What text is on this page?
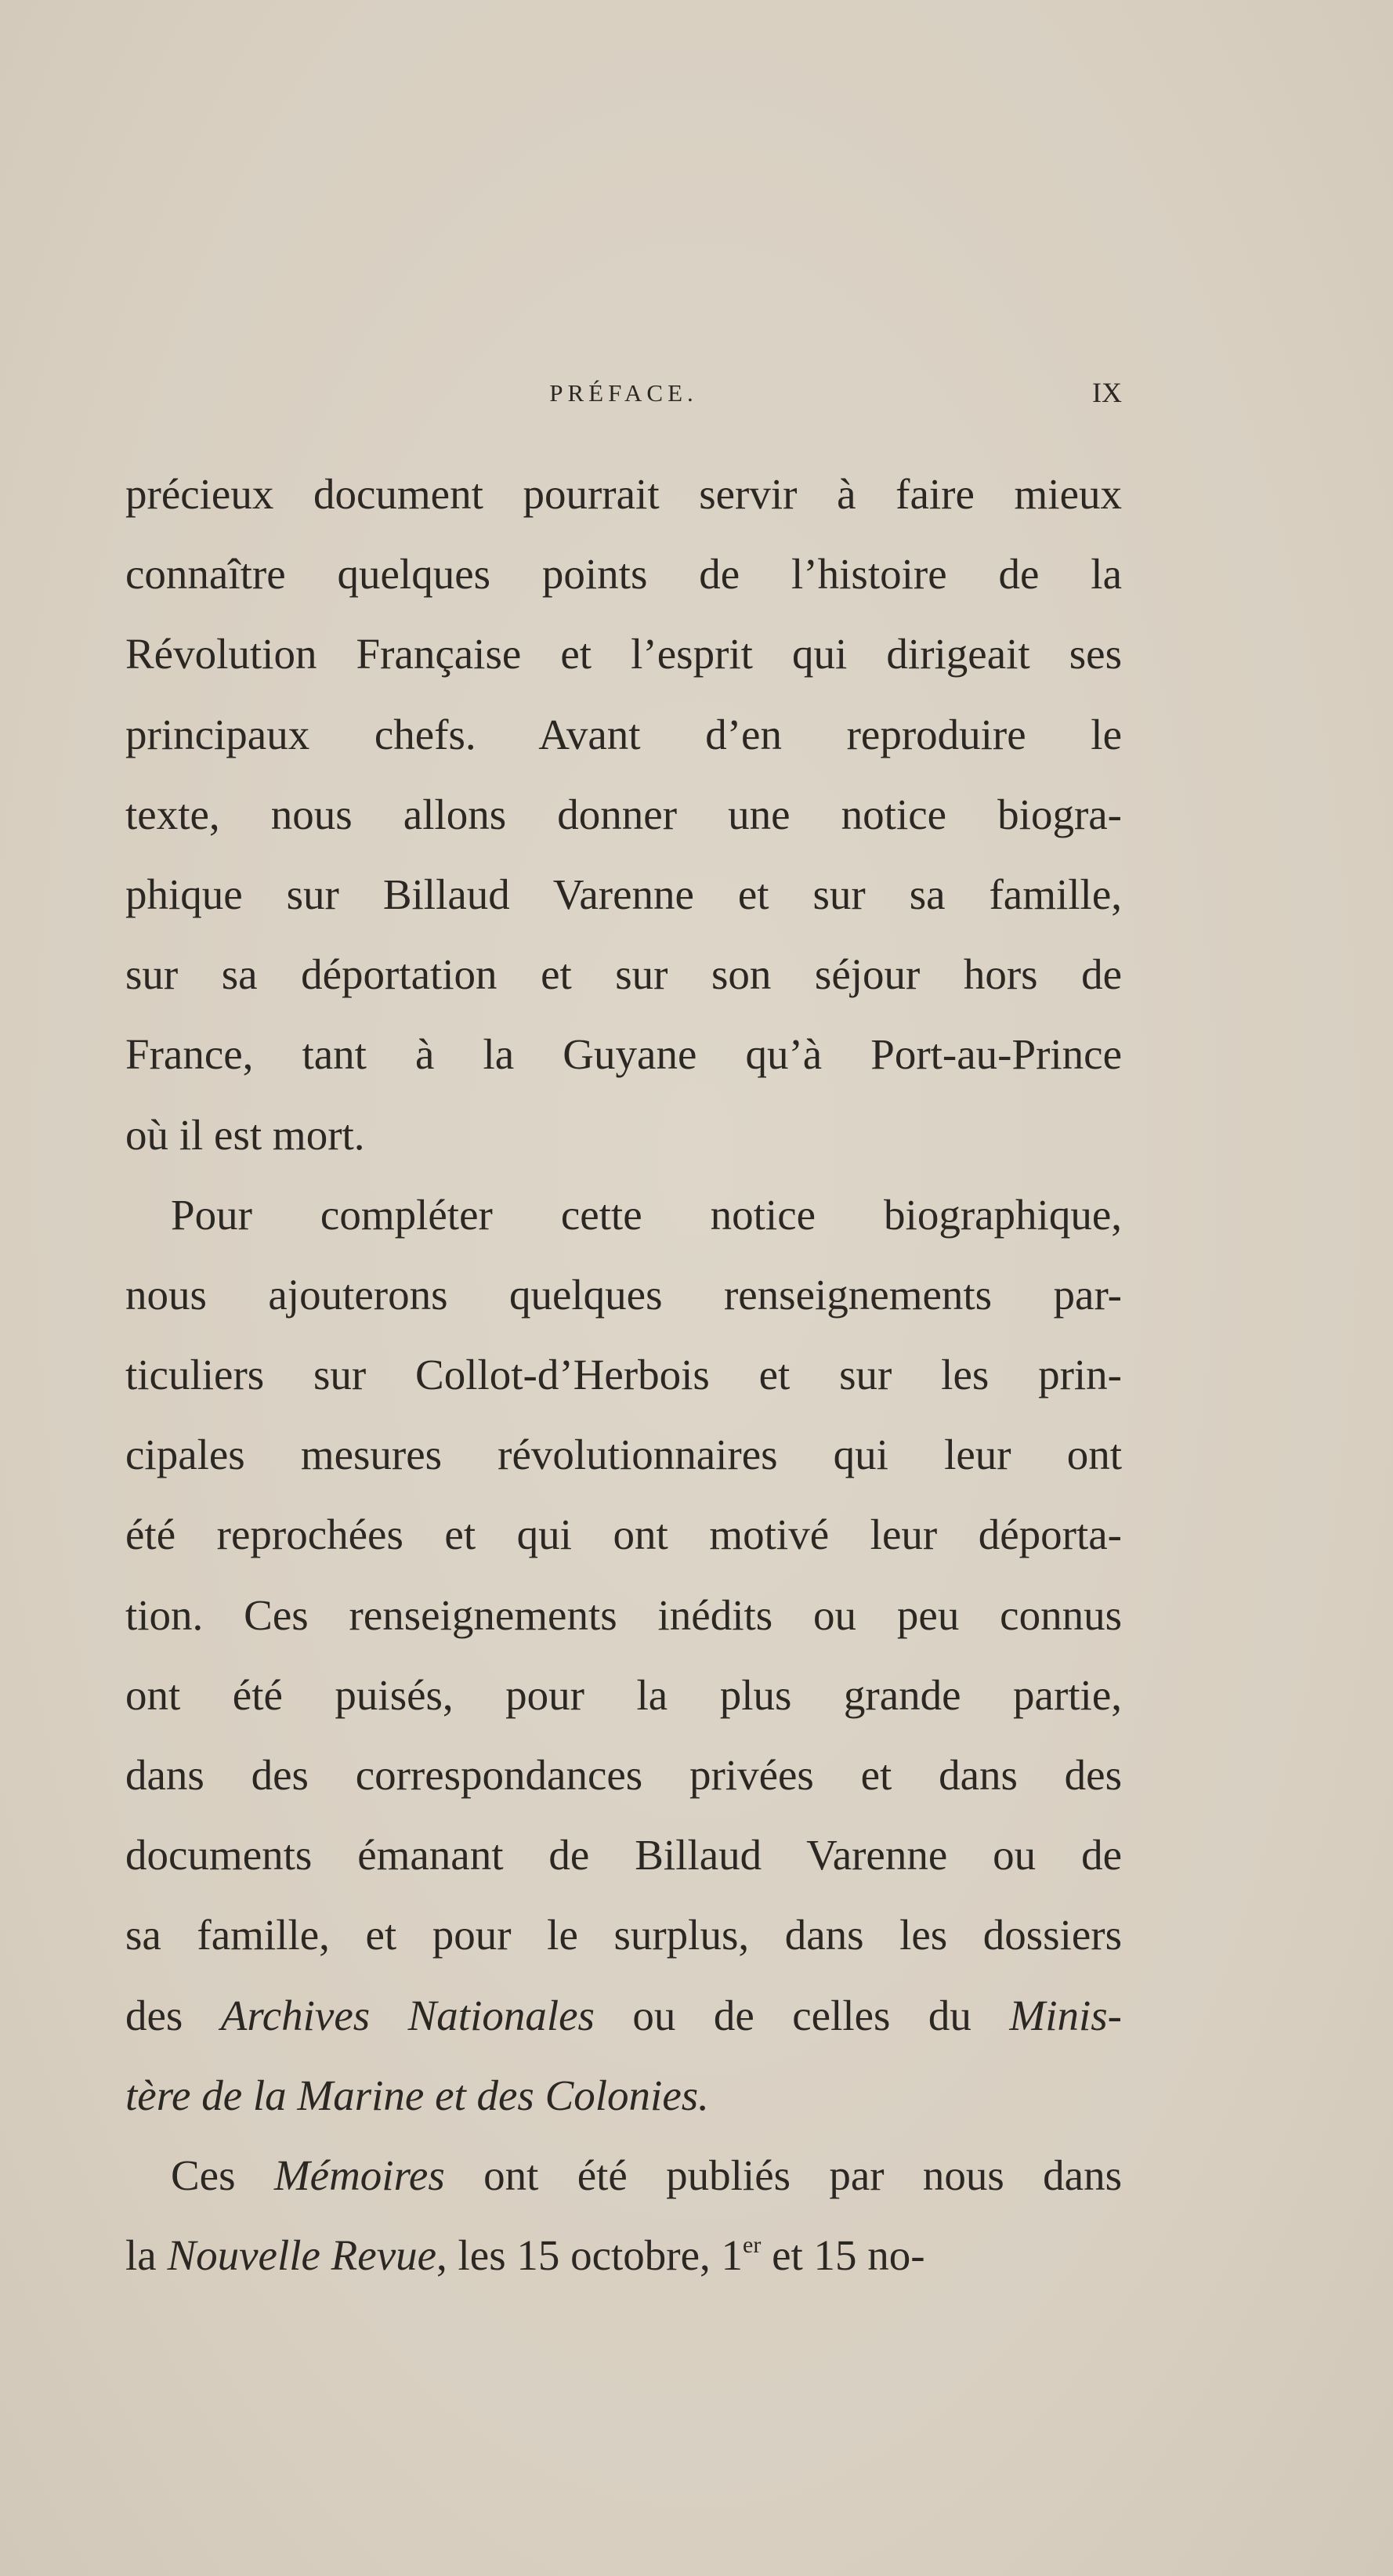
PRÉFACE.	IX
précieux document pourrait servir à faire mieux
connaître quelques points de l’histoire de la
Révolution Française et l’esprit qui dirigeait ses
principaux chefs. Avant d’en reproduire le
texte, nous allons donner une notice biogra-
phique sur Billaud Varenne et sur sa famille,
sur sa déportation et sur son séjour hors de
France, tant à la Guyane qu’à Port-au-Prince
où il est mort.
Pour compléter cette notice biographique,
nous ajouterons quelques renseignements par-
ticuliers sur Collot-d’Herbois et sur les prin-
cipales mesures révolutionnaires qui leur ont
été reprochées et qui ont motivé leur déporta-
tion. Ces renseignements inédits ou peu connus
ont été puisés, pour la plus grande partie,
dans des correspondances privées et dans des
documents émanant de Billaud Varenne ou de
sa famille, et pour le surplus, dans les dossiers
des Archives Nationales ou de celles du Minis-
tère de la Marine et des Colonies.
Ces Mémoires ont été publiés par nous dans
la Nouvelle Revue, les 15 octobre, 1er et 15 no-
